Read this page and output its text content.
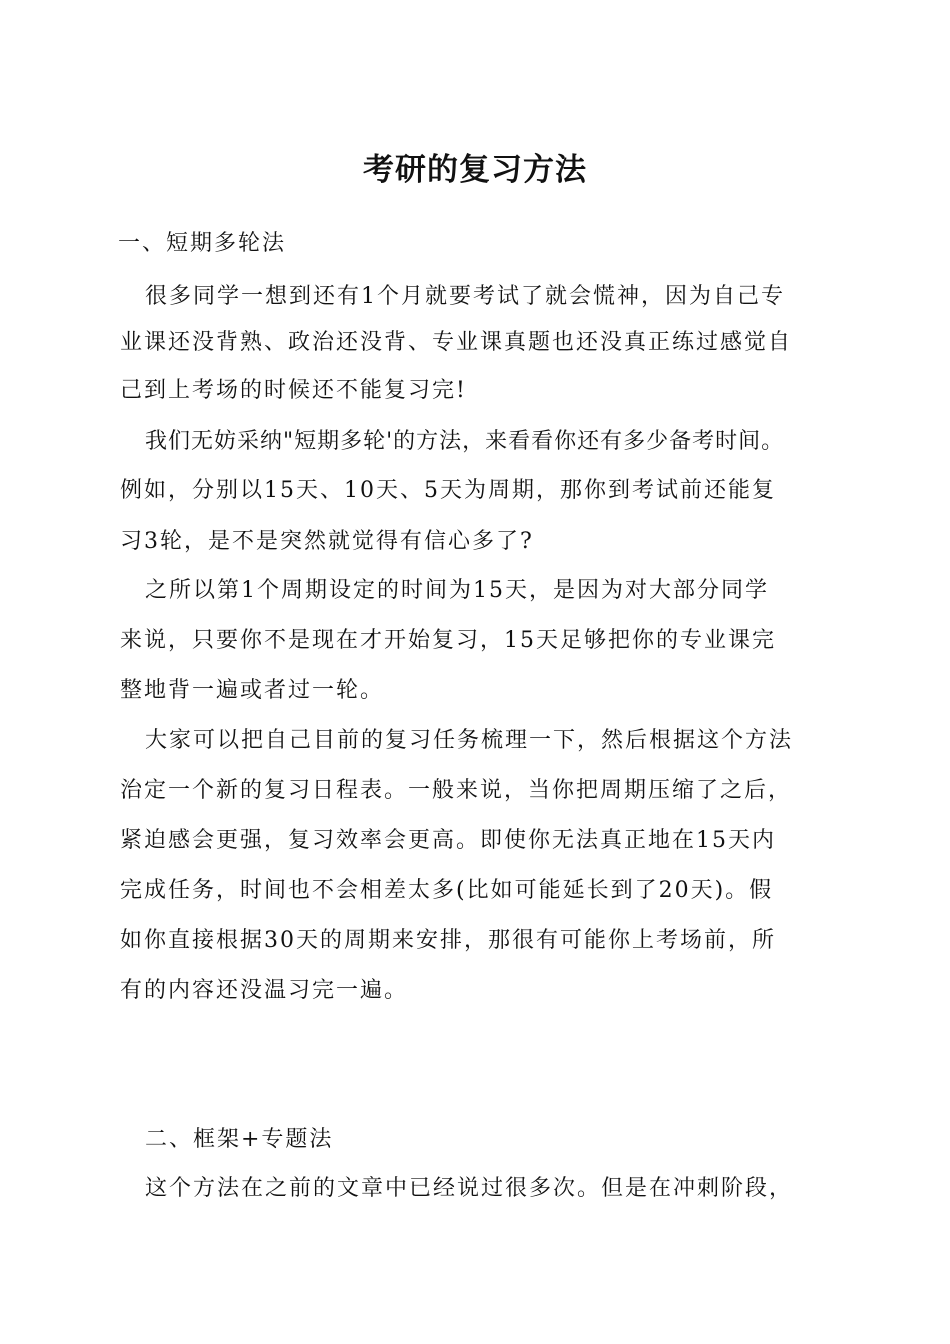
考研的复习方法
一、短期多轮法
很多同学一想到还有1个月就要考试了就会慌神，因为自己专
业课还没背熟、政治还没背、专业课真题也还没真正练过感觉自
己到上考场的时候还不能复习完!
我们无妨采纳"短期多轮'的方法，来看看你还有多少备考时间。
例如，分别以15天、10天、5天为周期，那你到考试前还能复
习3轮，是不是突然就觉得有信心多了?
之所以第1个周期设定的时间为15天，是因为对大部分同学
来说，只要你不是现在才开始复习，15天足够把你的专业课完
整地背一遍或者过一轮。
大家可以把自己目前的复习任务梳理一下，然后根据这个方法
治定一个新的复习日程表。一般来说，当你把周期压缩了之后，
紧迫感会更强，复习效率会更高。即使你无法真正地在15天内
完成任务，时间也不会相差太多(比如可能延长到了20天)。假
如你直接根据30天的周期来安排，那很有可能你上考场前，所
有的内容还没温习完一遍。
二、框架+专题法
这个方法在之前的文章中已经说过很多次。但是在冲刺阶段，
